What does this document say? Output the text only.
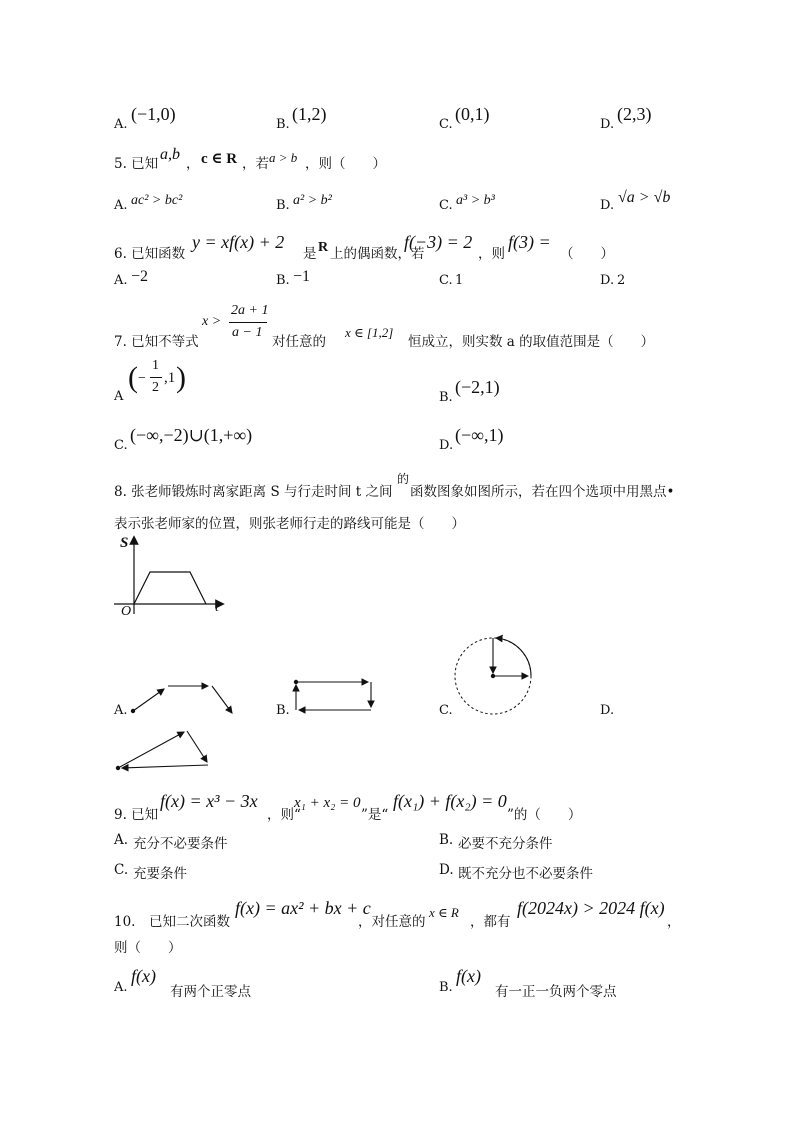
A.
(−1,0)
B.
(1,2)
C.
(0,1)
D.
(2,3)
5. 已知
a,b
， c ∈ R ，若 a > b ，则（　　）
A. ac² > bc²	B. a² > b²	C. a³ > b³	D. √a > √b
6. 已知函数
y = xf(x) + 2
是 R 上的偶函数，若
f(−3) = 2
，则
f(3) =
（　　）
A. −2	B. −1	C. 1	D. 2
7. 已知不等式
x >
2a + 1
a − 1
对任意的
x ∈ [1,2]
恒成立，则实数 a 的取值范围是（　　）
A
( −
1
2
,1 )
B.
(−2,1)
C.
(−∞,−2)∪(1,+∞)
D.
(−∞,1)
8. 张老师锻炼时离家距离 S 与行走时间 t 之间
的
函数图象如图所示，若在四个选项中用黑点•
表示张老师家的位置，则张老师行走的路线可能是（　　）
S
O	t
A.	B.	C.	D.
9. 已知
f(x) = x³ − 3x
，则“
x₁ + x₂ = 0
”是“
f(x₁) + f(x₂) = 0
”的（　　）
A. 充分不必要条件	B. 必要不充分条件
C. 充要条件	D. 既不充分也不必要条件
10.　已知二次函数
f(x) = ax² + bx + c
，对任意的
x ∈ R
，都有
f(2024x) > 2024 f(x)
，
则（　　）
A.
f(x)
有两个正零点	B.
f(x)
有一正一负两个零点
